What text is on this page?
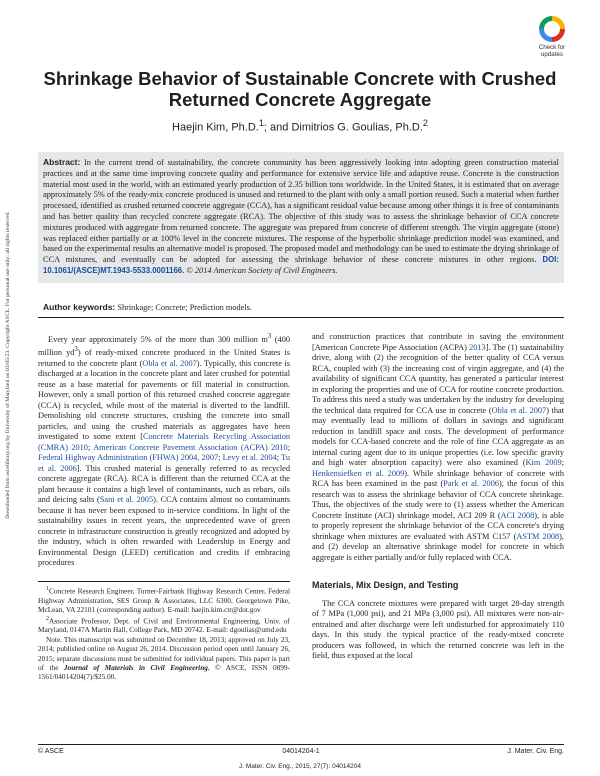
Downloaded from ascelibrary.org by University of Maryland on 03/05/23. Copyright ASCE. For personal use only; all rights reserved.
Check for
updates
Shrinkage Behavior of Sustainable Concrete with Crushed Returned Concrete Aggregate
Haejin Kim, Ph.D.$^1$; and Dimitrios G. Goulias, Ph.D.$^2$
Abstract: In the current trend of sustainability, the concrete community has been aggressively looking into adopting green construction material practices and at the same time improving concrete quality and performance for extensive service life and adaptive reuse. Concrete is the construction material most used in the world, with an estimated yearly production of 2.35 billion tons worldwide. In the United States, it is estimated that on average approximately 5% of the ready-mix concrete produced is unused and returned to the plant with only a small portion reused. Such a material when further processed, identified as crushed returned concrete aggregate (CCA), has a significant residual value because among other things it is free of contaminants and has better quality than recycled concrete aggregate (RCA). The objective of this study was to assess the shrinkage behavior of CCA concrete mixtures produced with aggregate from returned concrete. The aggregate was prepared from concrete of different strength. The virgin aggregate (stone) was replaced either partially or at 100% level in the concrete mixtures. The response of the hyperbolic shrinkage prediction model was examined, and based on the experimental results an alternative model is proposed. The proposed model and methodology can be used to estimate the drying shrinkage of CCA mixtures, and eventually can be adopted for assessing the shrinkage behavior of these concrete mixtures in other regions. DOI: 10.1061/(ASCE)MT.1943-5533.0001166. © 2014 American Society of Civil Engineers.
Author keywords: Shrinkage; Concrete; Prediction models.

Every year approximately 5% of the more than 300 million $m^3$ (400 million $yd^3$) of ready-mixed concrete produced in the United States is returned to the concrete plant (Obla et al. 2007). Typically, this concrete is discharged at a location in the concrete plant and later crushed for potential reuse as a base material for pavements or fill material in construction. However, only a small portion of this returned crushed concrete aggregate (CCA) is recycled, while most of the material is diverted to the landfill. Demolishing old concrete structures, crushing the concrete into small particles, and using the crushed materials as aggregates have been investigated to some extent [Concrete Materials Recycling Association (CMRA) 2010; American Concrete Pavement Association (ACPA) 2010; Federal Highway Administration (FHWA) 2004, 2007; Levy et al. 2004; Tu et al. 2006]. This crushed material is generally referred to as recycled concrete aggregate (RCA). RCA is different than the returned CCA at the plant because it contains a high level of contaminants, such as rebars, oils and deicing salts (Sani et al. 2005). CCA contains almost no contaminants because it has never been exposed to in-service conditions. In light of the sustainability issues in recent years, the unprecedented wave of green concrete in infrastructure construction is greatly recognized and adopted by the industry, which is often rewarded with Leadership in Energy and Environmental Design (LEED) certification and credits if embracing procedures

$^1$Concrete Research Engineer, Turner-Fairbank Highway Research Center, Federal Highway Administration, SES Group & Associates, LLC 6300, Georgetown Pike, McLean, VA 22101 (corresponding author). E-mail: haejin.kim.ctr@dot.gov

$^2$Associate Professor, Dept. of Civil and Environmental Engineering, Univ. of Maryland, 0147A Martin Hall, College Park, MD 20742. E-mail: dgoulias@umd.edu

Note. This manuscript was submitted on December 18, 2013; approved on July 23, 2014; published online on August 26, 2014. Discussion period open until January 26, 2015; separate discussions must be submitted for individual papers. This paper is part of the Journal of Materials in Civil Engineering, © ASCE, ISSN 0899-1561/04014204(7)/$25.00.

and construction practices that contribute in saving the environment [American Concrete Pipe Association (ACPA) 2013]. The (1) sustainability drive, along with (2) the recognition of the better quality of CCA versus RCA, coupled with (3) the increasing cost of virgin aggregate, and (4) the availability of significant CCA quantity, has generated a particular interest in exploring the properties and use of CCA for routine concrete production. To address this need a study was undertaken by the industry for developing the technical data required for CCA use in concrete (Obla et al. 2007) that may eventually lead to millions of dollars in savings and significant reduction in landfill space and costs. The development of performance models for CCA-based concrete and the role of fine CCA aggregate as an internal curing agent due to its unique properties (i.e. low specific gravity and high water absorption capacity) were also examined (Kim 2009; Henkensiefken et al. 2009). While shrinkage behavior of concrete with RCA has been examined in the past (Park et al. 2006), the focus of this research was to assess the shrinkage behavior of CCA concrete shrinkage. Thus, the objectives of the study were to (1) assess whether the American Concrete Institute (ACI) shrinkage model, ACI 209 R (ACI 2008), is able to properly represent the shrinkage behavior of the CCA concrete's drying shrinkage when mixtures are evaluated with ASTM C157 (ASTM 2008), and (2) develop an alternative shrinkage model for concrete in which aggregate is either partially and/or fully replaced with CCA.

Materials, Mix Design, and Testing

The CCA concrete mixtures were prepared with target 28-day strength of 7 MPa (1,000 psi), and 21 MPa (3,000 psi). All mixtures were non-air-entrained and after discharge were left undisturbed for approximately 110 days. In this study the typical practice of the ready-mixed concrete producers was followed, in which the returned concrete was left in the field, thus exposed at the local

© ASCE	04014204-1	J. Mater. Civ. Eng.
J. Mater. Civ. Eng., 2015, 27(7): 04014204
